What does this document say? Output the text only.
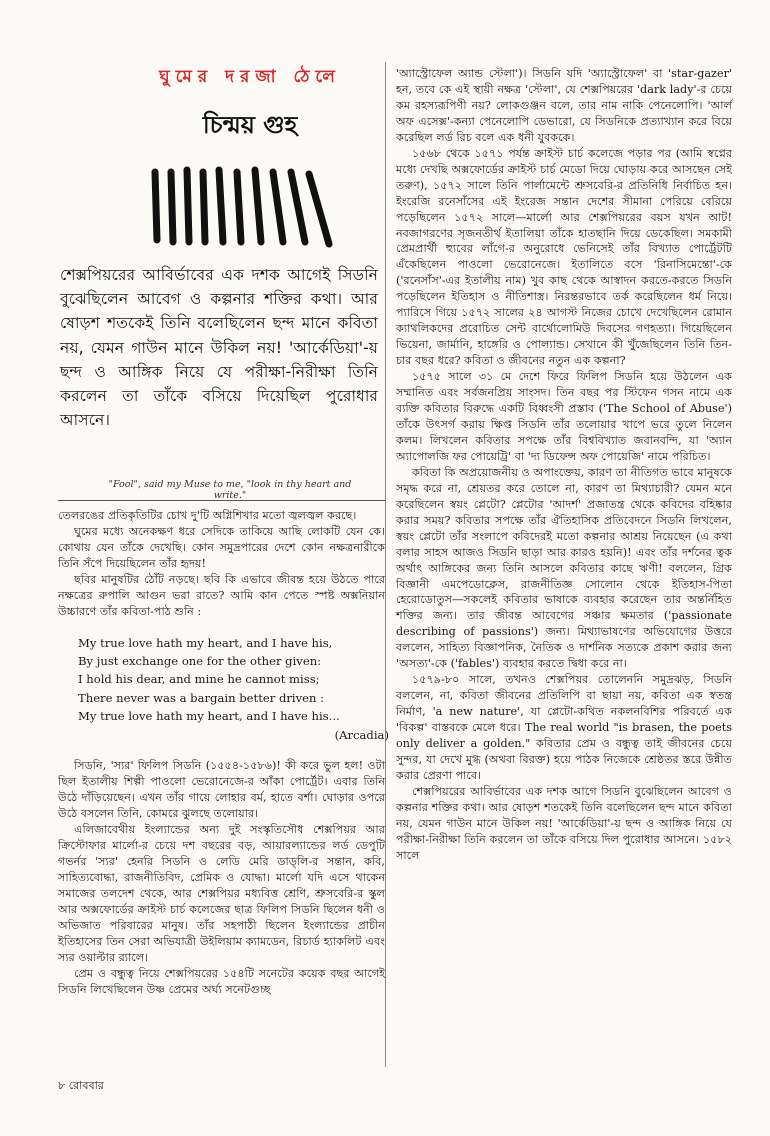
ঘুমের দরজা ঠেলে
চিন্ময় গুহ
শেক্সপিয়রের আবির্ভাবের এক দশক আগেই সিডনি বুঝেছিলেন আবেগ ও কল্পনার শক্তির কথা। আর ষোড়শ শতকেই তিনি বলেছিলেন ছন্দ মানে কবিতা নয়, যেমন গাউন মানে উকিল নয়! 'আর্কেডিয়া'-য় ছন্দ ও আঙ্গিক নিয়ে যে পরীক্ষা-নিরীক্ষা তিনি করলেন তা তাঁকে বসিয়ে দিয়েছিল পুরোধার আসনে।
"Fool", said my Muse to me, "look in thy heart and write."

তেলরঙের প্রতিকৃতিটির চোখ দু'টি অগ্নিশিখার মতো জ্বলজ্বল করছে।

ঘুমের মধ্যে অনেকক্ষণ ধরে সেদিকে তাকিয়ে আছি লোকটি যেন কে। কোথায় যেন তাঁকে দেখেছি। কোন সমুদ্রপারের দেশে কোন নক্ষত্রনারীকে তিনি সঁপে দিয়েছিলেন তাঁর হৃদয়!

ছবির মানুষটির ঠোঁট নড়ছে। ছবি কি এভাবে জীবন্ত হয়ে উঠতে পারে নক্ষত্রের রুপালি আগুন ভরা রাতে? আমি কান পেতে স্পষ্ট অক্সনিয়ান উচ্চারণে তাঁর কবিতা-পাঠ শুনি :

My true love hath my heart, and I have his,
By just exchange one for the other given:
I hold his dear, and mine he cannot miss;
There never was a bargain better driven :
My true love hath my heart, and I have his...
(Arcadia)

সিডনি, 'স্যর' ফিলিপ সিডনি (১৫৫৪-১৫৮৬)! কী করে ভুল হল! ওটা ছিল ইতালীয় শিল্পী পাওলো ভেরোনেজে-র আঁকা পোর্ট্রেট। এবার তিনি উঠে দাঁড়িয়েছেন। এখন তাঁর গায়ে লোহার বর্ম, হাতে বর্শা। ঘোড়ার ওপরে উঠে বসলেন তিনি, কোমরে ঝুলছে তলোয়ার।

এলিজাবেথীয় ইংল্যান্ডের অন্য দুই সংস্কৃতিসৌধ শেক্সপিয়র আর ক্রিস্টোফার মার্লো-র চেয়ে দশ বছরের বড়, আয়ারল্যান্ডের লর্ড ডেপুটি গভর্নর 'স্যর' হেনরি সিডনি ও লেডি মেরি ডাড্‌লি-র সন্তান, কবি, সাহিত্যবোদ্ধা, রাজনীতিবিদ, প্রেমিক ও যোদ্ধা। মার্লো যদি এসে থাকেন সমাজের তলদেশ থেকে, আর শেক্সপিয়র মধ্যবিত্ত শ্রেণি, শ্রুসবেরি-র স্কুল আর অক্সফোর্ডের ক্রাইস্ট চার্চ কলেজের ছাত্র ফিলিপ সিডনি ছিলেন ধনী ও অভিজাত পরিবারের মানুষ। তাঁর সহপাঠী ছিলেন ইংল্যান্ডের প্রাচীন ইতিহাসের তিন সেরা অভিযাত্রী উইলিয়াম ক্যামডেন, রিচার্ড হ্যাকলিট এবং স্যর ওয়াল্টার র‍্যালে।

প্রেম ও বন্ধুত্ব নিয়ে শেক্সপিয়রের ১৫৪টি সনেটের কয়েক বছর আগেই সিডনি লিখেছিলেন উষ্ণ প্রেমের অর্ঘ্য সনেটগুচ্ছ

'অ্যাস্ট্রোফেল অ্যান্ড স্টেলা')। সিডনি যদি 'অ্যাস্ট্রোফেল' বা 'star-gazer' হন, তবে কে এই স্থায়ী নক্ষত্র 'স্টেলা', যে শেক্সপিয়রের 'dark lady'-র চেয়ে কম রহস্যরূপিণী নয়? লোকগুঞ্জন বলে, তার নাম নাকি পেনেলোপি। 'আর্ল অফ এসেক্স'-কন্যা পেনেলোপি ডেভারো, যে সিডনিকে প্রত্যাখ্যান করে বিয়ে করেছিল লর্ড রিচ বলে এক ধনী যুবককে।

১৫৬৮ থেকে ১৫৭১ পর্যন্ত ক্রাইস্ট চার্চ কলেজে পড়ার পর (আমি স্বপ্নের মধ্যে দেখছি অক্সফোর্ডের ক্রাইস্ট চার্চ মেডো দিয়ে ঘোড়ায় করে আসছেন সেই তরুণ), ১৫৭২ সালে তিনি পার্লামেন্টে শ্রুসবেরি-র প্রতিনিধি নির্বাচিত হন। ইংরেজি রনেসাঁসের এই ইংরেজ সন্তান দেশের সীমানা পেরিয়ে বেরিয়ে পড়েছিলেন ১৫৭২ সালে—মার্লো আর শেক্সপিয়রের বয়স যখন আট! নবজাগরণের সৃজনতীর্থ ইতালিয়া তাঁকে হাতছানি দিয়ে ডেকেছিল। সমকামী প্রেমপ্রার্থী হ্যুবের লাঁগে-র অনুরোধে ভেনিসেই তাঁর বিখ্যাত পোর্ট্রেটটি এঁকেছিলেন পাওলো ভেরোনেজে। ইতালিতে বসে 'রিনাসিমেন্তো'-কে ('রনেসাঁস'-এর ইতালীয় নাম) খুব কাছ থেকে আস্বাদন করতে-করতে সিডনি পড়েছিলেন ইতিহাস ও নীতিশাস্ত্র। নিরন্তরভাবে তর্ক করেছিলেন ধর্ম নিয়ে। প্যারিসে গিয়ে ১৫৭২ সালের ২৪ আগস্ট নিজের চোখে দেখেছিলেন রোমান ক্যাথলিকদের প্ররোচিত সেন্ট বার্থোলোমিউ দিবসের গণহত্যা। গিয়েছিলেন ভিয়েনা, জার্মানি, হাঙ্গেরি ও পোল্যান্ড। সেখানে কী খুঁজেছিলেন তিনি তিন-চার বছর ধরে? কবিতা ও জীবনের নতুন এক কল্পনা?

১৫৭৫ সালে ৩১ মে দেশে ফিরে ফিলিপ সিডনি হয়ে উঠলেন এক সম্মানিত এবং সর্বজনপ্রিয় সাংসদ। তিন বছর পর স্টিফেন গসন নামে এক ব্যক্তি কবিতার বিরুদ্ধে একটি বিধ্বংসী প্রস্তাব ('The School of Abuse') তাঁকে উৎসর্গ করায় ক্ষিপ্ত সিডনি তাঁর তলোয়ার খাপে ভরে তুলে নিলেন কলম। লিখলেন কবিতার সপক্ষে তাঁর বিশ্ববিখ্যাত জবানবন্দি, যা 'অ্যান অ্যাপোলজি ফর পোয়েট্রি' বা 'দ্য ডিফেন্স অফ পোয়েজি' নামে পরিচিত।

কবিতা কি অপ্রয়োজনীয় ও অপাংক্তেয়, কারণ তা নীতিগত ভাবে মানুষকে সমৃদ্ধ করে না, শ্রেয়তর করে তোলে না, কারণ তা মিথ্যাচারী? যেমন মনে করেছিলেন স্বয়ং প্লেটো? প্লেটোর 'আদর্শ' প্রজাতন্ত্র থেকে কবিদের বহিষ্কার করার সময়? কবিতার সপক্ষে তাঁর ঐতিহাসিক প্রতিবেদনে সিডনি লিখলেন, স্বয়ং প্লেটো তাঁর সংলাপে কবিদেরই মতো কল্পনার আশ্রয় নিয়েছেন (এ কথা বলার সাহস আজও সিডনি ছাড়া আর কারও হয়নি)! এবং তাঁর দর্শনের ত্বক অর্থাৎ আঙ্গিকের জন্য তিনি আসলে কবিতার কাছে ঋণী! বললেন, গ্রিক বিজ্ঞানী এমপেডোক্লেস, রাজনীতিজ্ঞ সোলোন থেকে ইতিহাস-পিতা হেরোডোতুস—সকলেই কবিতার ভাষাকে ব্যবহার করেছেন তার অন্তর্নিহিত শক্তির জন্য। তার জীবন্ত আবেগের সঞ্চার ক্ষমতার ('passionate describing of passions') জন্য। মিথ্যাভাষণের অভিযোগের উত্তরে বললেন, সাহিত্য বিজ্ঞাপনিক, নৈতিক ও দার্শনিক সত্যকে প্রকাশ করার জন্য 'অসত্য'-কে ('fables') ব্যবহার করতে দ্বিধা করে না।

১৫৭৯-৮০ সালে, তখনও শেক্সপিয়র তোলেননি সমুদ্রঝড়, সিডনি বললেন, না, কবিতা জীবনের প্রতিলিপি বা ছায়া নয়, কবিতা এক স্বতন্ত্র নির্মাণ, 'a new nature', যা প্লেটো-কথিত নকলনবিশির পরিবর্তে এক 'বিকল্প' বাস্তবকে মেলে ধরে। The real world "is brasen, the poets only deliver a golden." কবিতার প্রেম ও বন্ধুত্ব তাই জীবনের চেয়ে সুন্দর, যা দেখে মুগ্ধ (অথবা বিরক্ত) হয়ে পাঠক নিজেকে শ্রেষ্ঠতর স্তরে উন্নীত করার প্রেরণা পাবে।

শেক্সপিয়রের আবির্ভাবের এক দশক আগে সিডনি বুঝেছিলেন আবেগ ও কল্পনার শক্তির কথা। আর ষোড়শ শতকেই তিনি বলেছিলেন ছন্দ মানে কবিতা নয়, যেমন গাউন মানে উকিল নয়! 'আর্কেডিয়া'-য় ছন্দ ও আঙ্গিক নিয়ে যে পরীক্ষা-নিরীক্ষা তিনি করলেন তা তাঁকে বসিয়ে দিল পুরোধার আসনে। ১৫৮২ সালে

৮ রোববার
